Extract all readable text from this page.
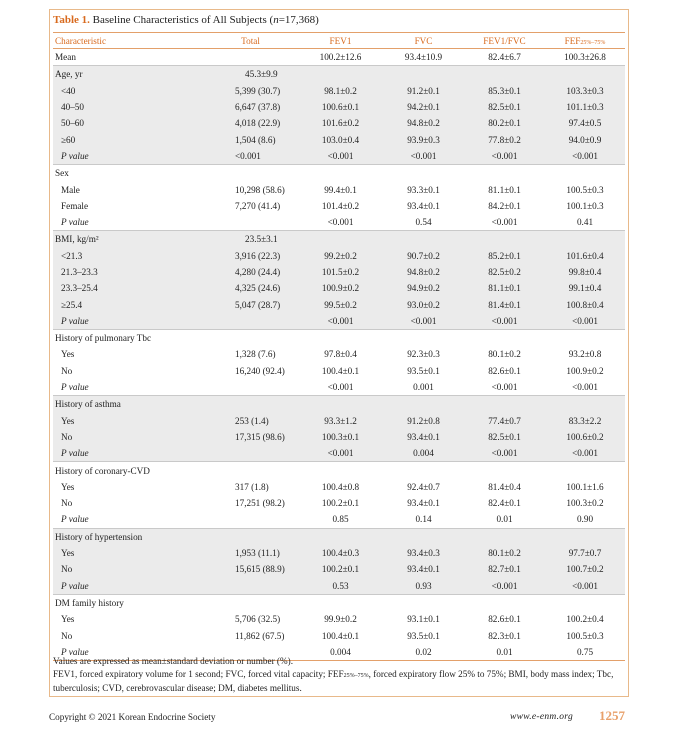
Table 1. Baseline Characteristics of All Subjects (n=17,368)
Characteristic	Total	FEV1	FVC	FEV1/FVC	FEF25%–75%
Mean		100.2±12.6	93.4±10.9	82.4±6.7	100.3±26.8
Age, yr	45.3±9.9				
<40	5,399 (30.7)	98.1±0.2	91.2±0.1	85.3±0.1	103.3±0.3
40–50	6,647 (37.8)	100.6±0.1	94.2±0.1	82.5±0.1	101.1±0.3
50–60	4,018 (22.9)	101.6±0.2	94.8±0.2	80.2±0.1	97.4±0.5
≥60	1,504 (8.6)	103.0±0.4	93.9±0.3	77.8±0.2	94.0±0.9
P value	<0.001	<0.001	<0.001	<0.001	<0.001
Sex					
Male	10,298 (58.6)	99.4±0.1	93.3±0.1	81.1±0.1	100.5±0.3
Female	7,270 (41.4)	101.4±0.2	93.4±0.1	84.2±0.1	100.1±0.3
P value		<0.001	0.54	<0.001	0.41
BMI, kg/m²	23.5±3.1				
<21.3	3,916 (22.3)	99.2±0.2	90.7±0.2	85.2±0.1	101.6±0.4
21.3–23.3	4,280 (24.4)	101.5±0.2	94.8±0.2	82.5±0.2	99.8±0.4
23.3–25.4	4,325 (24.6)	100.9±0.2	94.9±0.2	81.1±0.1	99.1±0.4
≥25.4	5,047 (28.7)	99.5±0.2	93.0±0.2	81.4±0.1	100.8±0.4
P value		<0.001	<0.001	<0.001	<0.001
History of pulmonary Tbc					
Yes	1,328 (7.6)	97.8±0.4	92.3±0.3	80.1±0.2	93.2±0.8
No	16,240 (92.4)	100.4±0.1	93.5±0.1	82.6±0.1	100.9±0.2
P value		<0.001	0.001	<0.001	<0.001
History of asthma					
Yes	253 (1.4)	93.3±1.2	91.2±0.8	77.4±0.7	83.3±2.2
No	17,315 (98.6)	100.3±0.1	93.4±0.1	82.5±0.1	100.6±0.2
P value		<0.001	0.004	<0.001	<0.001
History of coronary-CVD					
Yes	317 (1.8)	100.4±0.8	92.4±0.7	81.4±0.4	100.1±1.6
No	17,251 (98.2)	100.2±0.1	93.4±0.1	82.4±0.1	100.3±0.2
P value		0.85	0.14	0.01	0.90
History of hypertension					
Yes	1,953 (11.1)	100.4±0.3	93.4±0.3	80.1±0.2	97.7±0.7
No	15,615 (88.9)	100.2±0.1	93.4±0.1	82.7±0.1	100.7±0.2
P value		0.53	0.93	<0.001	<0.001
DM family history					
Yes	5,706 (32.5)	99.9±0.2	93.1±0.1	82.6±0.1	100.2±0.4
No	11,862 (67.5)	100.4±0.1	93.5±0.1	82.3±0.1	100.5±0.3
P value		0.004	0.02	0.01	0.75
Values are expressed as mean±standard deviation or number (%).
FEV1, forced expiratory volume for 1 second; FVC, forced vital capacity; FEF25%–75%, forced expiratory flow 25% to 75%; BMI, body mass index; Tbc,
tuberculosis; CVD, cerebrovascular disease; DM, diabetes mellitus.
Copyright © 2021 Korean Endocrine Society	www.e-enm.org 1257
